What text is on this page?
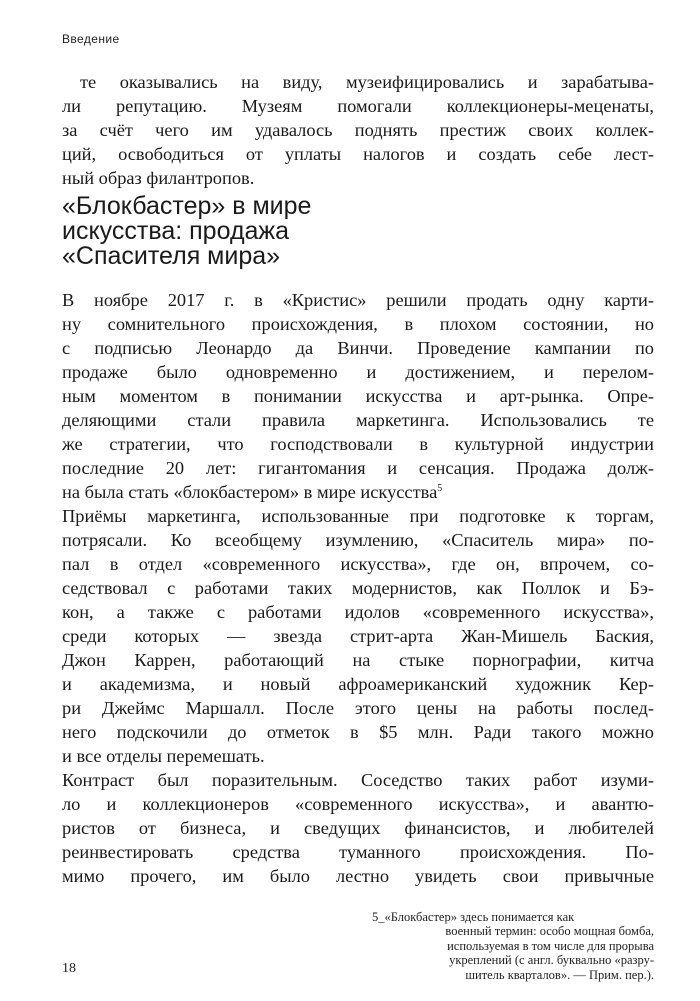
Введение
те оказывались на виду, музеифицировались и зарабатыва-
ли репутацию. Музеям помогали коллекционеры-меценаты,
за счёт чего им удавалось поднять престиж своих коллек-
ций, освободиться от уплаты налогов и создать себе лест-
ный образ филантропов.
«Блокбастер» в мире
искусства: продажа
«Спасителя мира»
В ноябре 2017 г. в «Кристис» решили продать одну карти-
ну сомнительного происхождения, в плохом состоянии, но
с подписью Леонардо да Винчи. Проведение кампании по
продаже было одновременно и достижением, и перелом-
ным моментом в понимании искусства и арт-рынка. Опре-
деляющими стали правила маркетинга. Использовались те
же стратегии, что господствовали в культурной индустрии
последние 20 лет: гигантомания и сенсация. Продажа долж-
на была стать «блокбастером» в мире искусства$^5$
Приёмы маркетинга, использованные при подготовке к торгам,
потрясали. Ко всеобщему изумлению, «Спаситель мира» по-
пал в отдел «современного искусства», где он, впрочем, со-
седствовал с работами таких модернистов, как Поллок и Бэ-
кон, а также с работами идолов «современного искусства»,
среди которых — звезда стрит-арта Жан-Мишель Баския,
Джон Каррен, работающий на стыке порнографии, китча
и академизма, и новый афроамериканский художник Кер-
ри Джеймс Маршалл. После этого цены на работы послед-
него подскочили до отметок в $5 млн. Ради такого можно
и все отделы перемешать.
Контраст был поразительным. Соседство таких работ изуми-
ло и коллекционеров «современного искусства», и авантю-
ристов от бизнеса, и сведущих финансистов, и любителей
реинвестировать средства туманного происхождения. По-
мимо прочего, им было лестно увидеть свои привычные
5_«Блокбастер» здесь понимается как
военный термин: особо мощная бомба,
используемая в том числе для прорыва
укреплений (с англ. буквально «разру-
шитель кварталов». — Прим. пер.).
18
